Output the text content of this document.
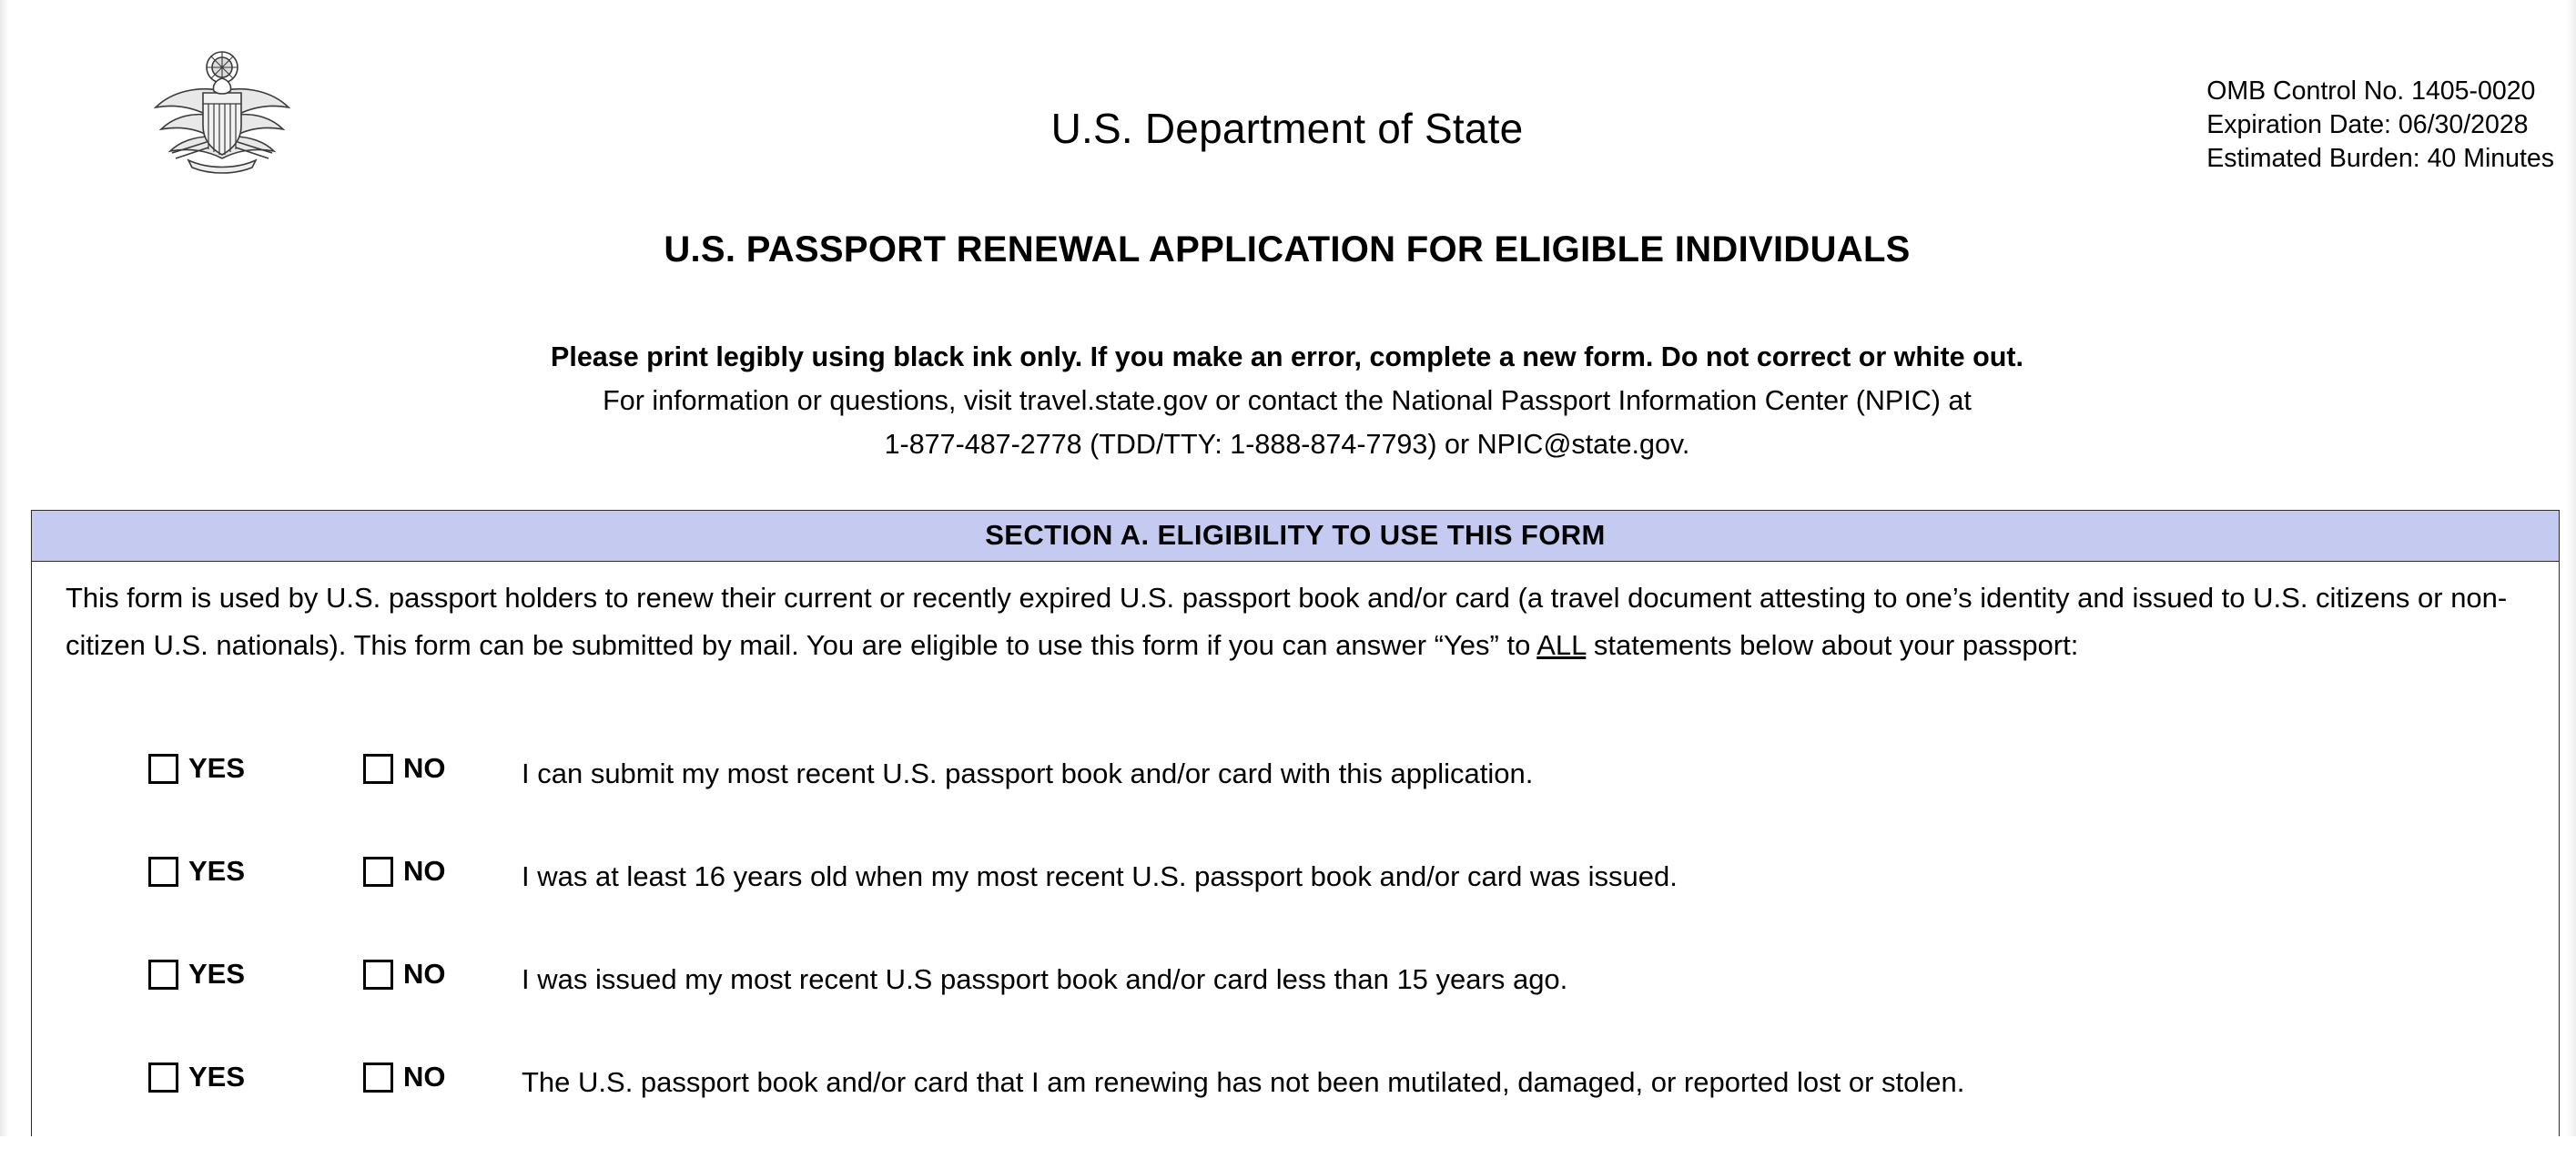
U.S. Department of State
OMB Control No. 1405-0020
Expiration Date: 06/30/2028
Estimated Burden: 40 Minutes
U.S. PASSPORT RENEWAL APPLICATION FOR ELIGIBLE INDIVIDUALS
Please print legibly using black ink only. If you make an error, complete a new form. Do not correct or white out.
For information or questions, visit travel.state.gov or contact the National Passport Information Center (NPIC) at
1-877-487-2778 (TDD/TTY: 1-888-874-7793) or NPIC@state.gov.
SECTION A. ELIGIBILITY TO USE THIS FORM
This form is used by U.S. passport holders to renew their current or recently expired U.S. passport book and/or card (a travel document attesting to one’s identity and issued to U.S. citizens or non-citizen U.S. nationals). This form can be submitted by mail. You are eligible to use this form if you can answer “Yes” to ALL statements below about your passport:
YES	NO	I can submit my most recent U.S. passport book and/or card with this application.
YES	NO	I was at least 16 years old when my most recent U.S. passport book and/or card was issued.
YES	NO	I was issued my most recent U.S passport book and/or card less than 15 years ago.
YES	NO	The U.S. passport book and/or card that I am renewing has not been mutilated, damaged, or reported lost or stolen.
